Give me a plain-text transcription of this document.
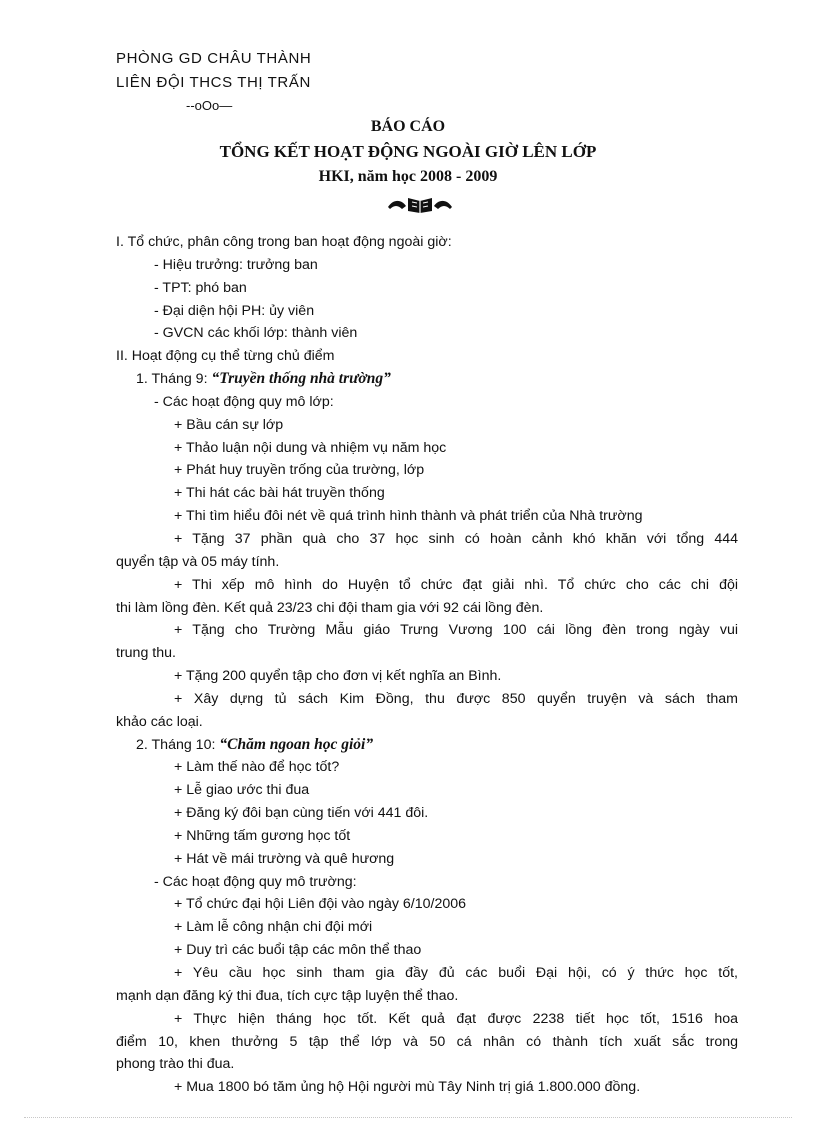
PHÒNG GD CHÂU THÀNH
LIÊN ĐỘI THCS THỊ TRẤN
--oOo—
BÁO CÁO
TỔNG KẾT HOẠT ĐỘNG NGOÀI GIỜ LÊN LỚP
HKI, năm học 2008 - 2009

I. Tổ chức, phân công trong ban hoạt động ngoài giờ:

- Hiệu trưởng: trưởng ban

- TPT: phó ban

- Đại diện hội PH: ủy viên

- GVCN các khối lớp: thành viên

II. Hoạt động cụ thể từng chủ điểm

1. Tháng 9: “Truyền thống nhà trường”

- Các hoạt động quy mô lớp:

+ Bầu cán sự lớp

+ Thảo luận nội dung và nhiệm vụ năm học

+ Phát huy truyền trống của trường, lớp

+ Thi hát các bài hát truyền thống

+ Thi tìm hiểu đôi nét về quá trình hình thành và phát triển của Nhà trường

+ Tặng 37 phần quà cho 37 học sinh có hoàn cảnh khó khăn với tổng 444

quyển tập và 05 máy tính.

+ Thi xếp mô hình do Huyện tổ chức đạt giải nhì. Tổ chức cho các chi đội

thi làm lồng đèn. Kết quả 23/23 chi đội tham gia với 92 cái lồng đèn.

+ Tặng cho Trường Mẫu giáo Trưng Vương 100 cái lồng đèn trong ngày vui

trung thu.

+ Tặng 200 quyển tập cho đơn vị kết nghĩa an Bình.

+ Xây dựng tủ sách Kim Đồng, thu được 850 quyển truyện và sách tham

khảo các loại.

2. Tháng 10: “Chăm ngoan học giỏi”

+ Làm thế nào để học tốt?

+ Lễ giao ước thi đua

+ Đăng ký đôi bạn cùng tiến với 441 đôi.

+ Những tấm gương học tốt

+ Hát về mái trường và quê hương

- Các hoạt động quy mô trường:

+ Tổ chức đại hội Liên đội vào ngày 6/10/2006

+ Làm lễ công nhận chi đội mới

+ Duy trì các buổi tập các môn thể thao

+ Yêu cầu học sinh tham gia đầy đủ các buổi Đại hội, có ý thức học tốt,

mạnh dạn đăng ký thi đua, tích cực tập luyện thể thao.

+ Thực hiện tháng học tốt. Kết quả đạt được 2238 tiết học tốt, 1516 hoa

điểm 10, khen thưởng 5 tập thể lớp và 50 cá nhân có thành tích xuất sắc trong

phong trào thi đua.

+ Mua 1800 bó tăm ủng hộ Hội người mù Tây Ninh trị giá 1.800.000 đồng.
